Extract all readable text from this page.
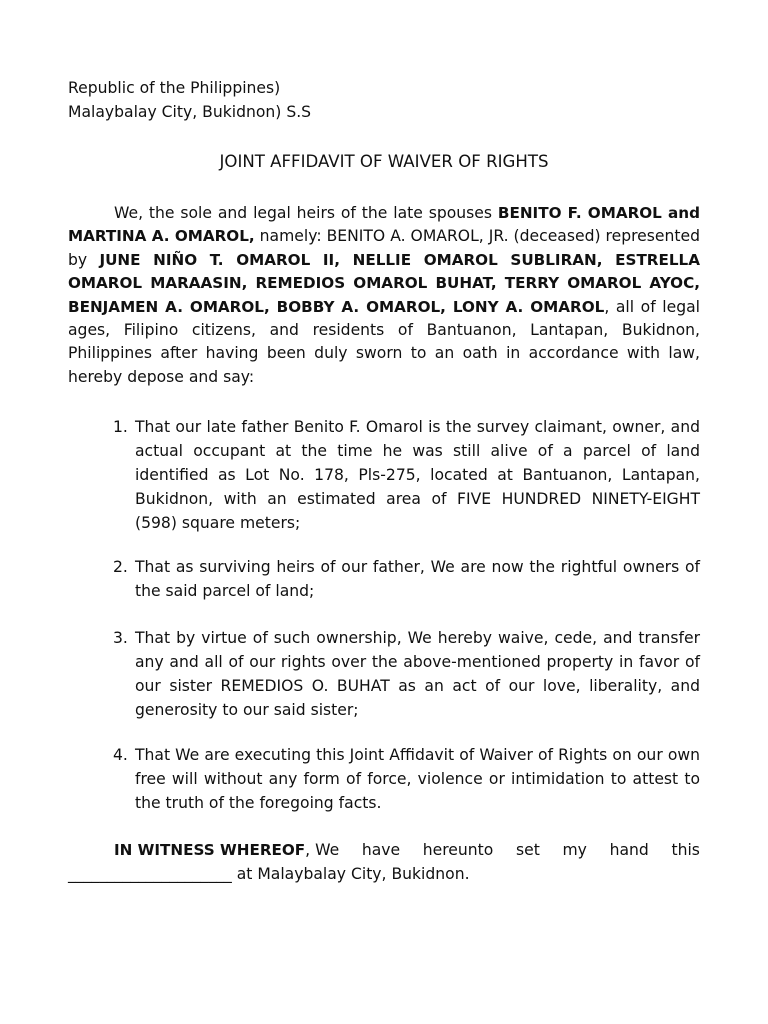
Republic of the Philippines)
Malaybalay City, Bukidnon) S.S
JOINT AFFIDAVIT OF WAIVER OF RIGHTS
We, the sole and legal heirs of the late spouses BENITO F. OMAROL and MARTINA A. OMAROL, namely: BENITO A. OMAROL, JR. (deceased) represented by JUNE NIÑO T. OMAROL II, NELLIE OMAROL SUBLIRAN, ESTRELLA OMAROL MARAASIN, REMEDIOS OMAROL BUHAT, TERRY OMAROL AYOC, BENJAMEN A. OMAROL, BOBBY A. OMAROL, LONY A. OMAROL, all of legal ages, Filipino citizens, and residents of Bantuanon, Lantapan, Bukidnon, Philippines after having been duly sworn to an oath in accordance with law, hereby depose and say:
1. That our late father Benito F. Omarol is the survey claimant, owner, and actual occupant at the time he was still alive of a parcel of land identified as Lot No. 178, Pls-275, located at Bantuanon, Lantapan, Bukidnon, with an estimated area of FIVE HUNDRED NINETY-EIGHT (598) square meters;
2. That as surviving heirs of our father, We are now the rightful owners of the said parcel of land;
3. That by virtue of such ownership, We hereby waive, cede, and transfer any and all of our rights over the above-mentioned property in favor of our sister REMEDIOS O. BUHAT as an act of our love, liberality, and generosity to our said sister;
4. That We are executing this Joint Affidavit of Waiver of Rights on our own free will without any form of force, violence or intimidation to attest to the truth of the foregoing facts.
IN WITNESS WHEREOF, We have hereunto set my hand this
_____________________ at Malaybalay City, Bukidnon.
